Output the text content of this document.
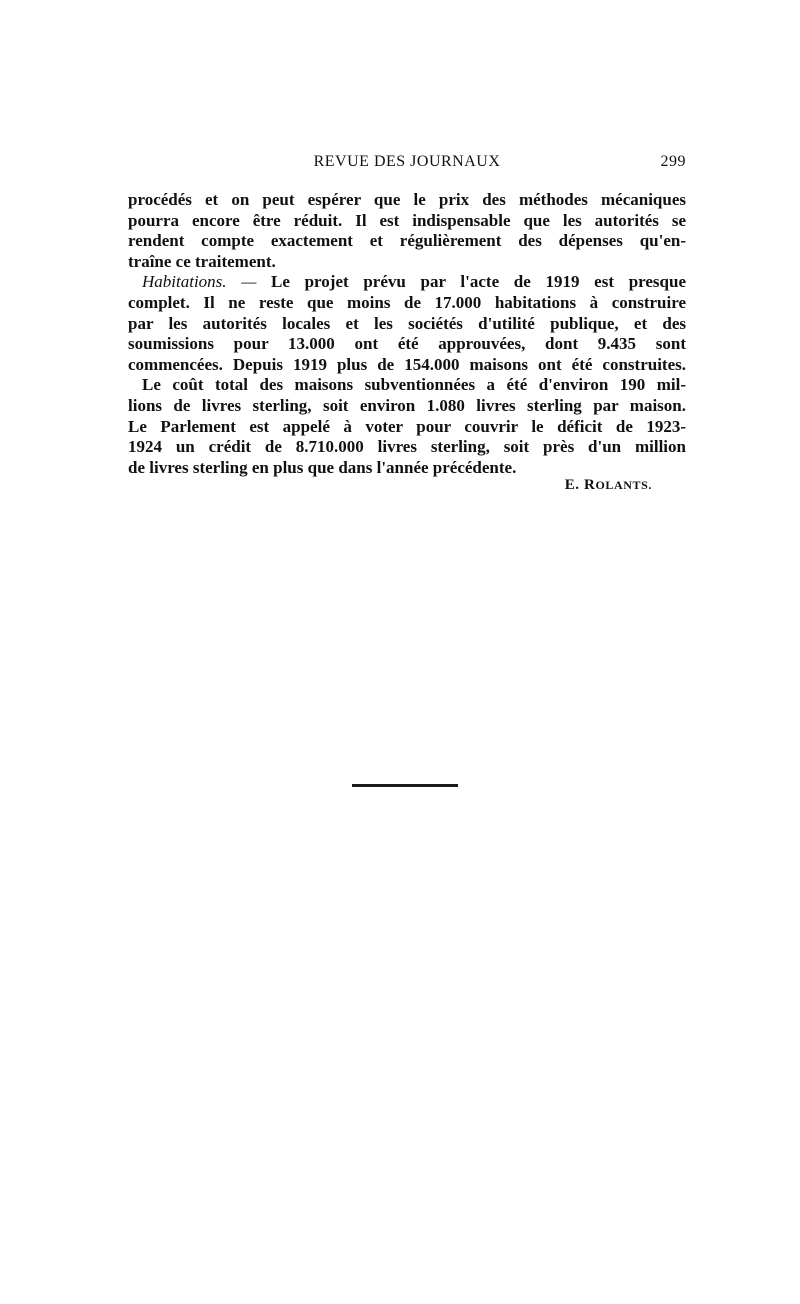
REVUE DES JOURNAUX	299
procédés et on peut espérer que le prix des méthodes mécaniques
pourra encore être réduit. Il est indispensable que les autorités se
rendent compte exactement et régulièrement des dépenses qu'en-
traîne ce traitement.
Habitations. — Le projet prévu par l'acte de 1919 est presque
complet. Il ne reste que moins de 17.000 habitations à construire
par les autorités locales et les sociétés d'utilité publique, et des
soumissions pour 13.000 ont été approuvées, dont 9.435 sont
commencées. Depuis 1919 plus de 154.000 maisons ont été construites.
Le coût total des maisons subventionnées a été d'environ 190 mil-
lions de livres sterling, soit environ 1.080 livres sterling par maison.
Le Parlement est appelé à voter pour couvrir le déficit de 1923-
1924 un crédit de 8.710.000 livres sterling, soit près d'un million
de livres sterling en plus que dans l'année précédente.
E. ROLANTS.
